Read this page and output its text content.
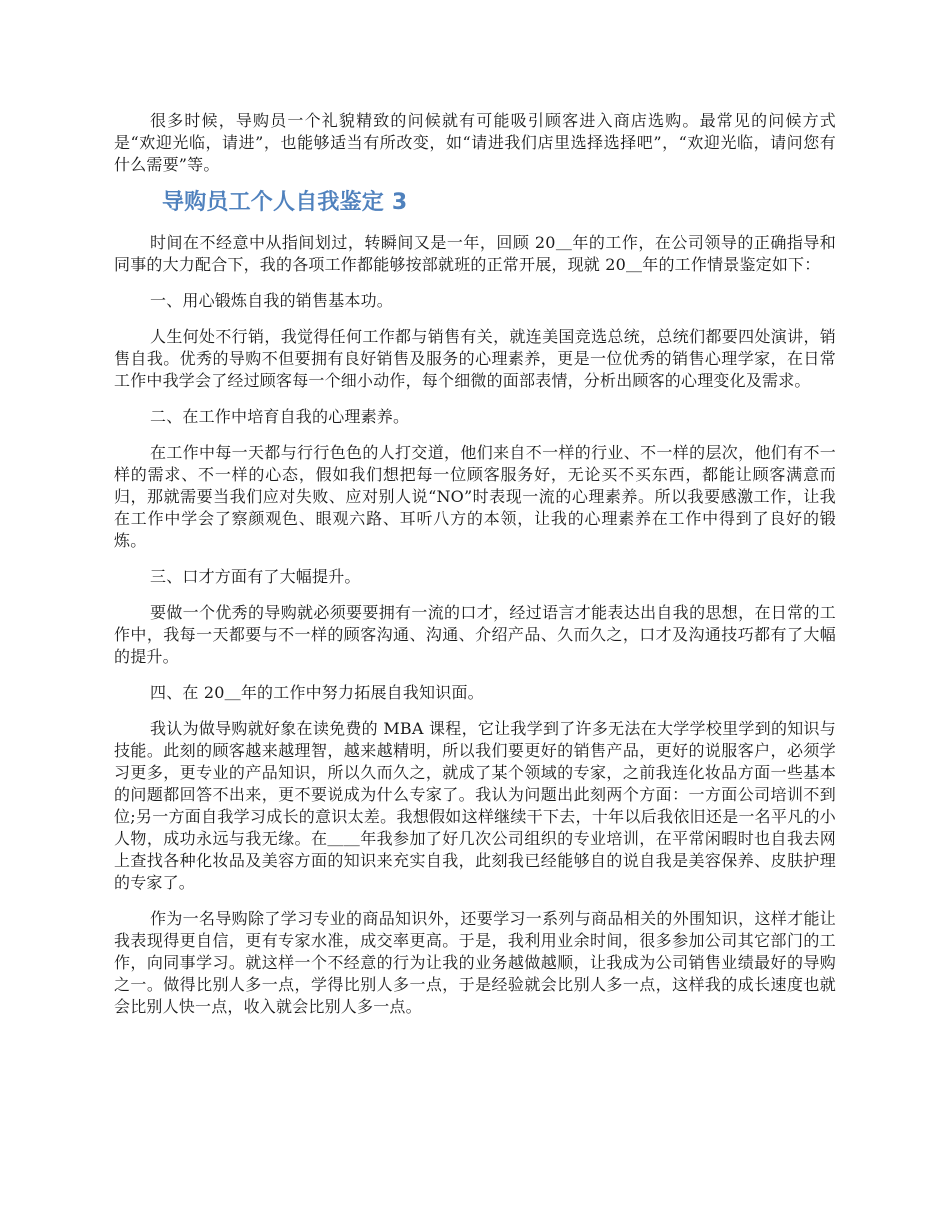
很多时候，导购员一个礼貌精致的问候就有可能吸引顾客进入商店选购。最常见的问候方式是“欢迎光临，请进”，也能够适当有所改变，如“请进我们店里选择选择吧”，“欢迎光临，请问您有什么需要”等。

导购员工个人自我鉴定 3

时间在不经意中从指间划过，转瞬间又是一年，回顾 20＿年的工作，在公司领导的正确指导和同事的大力配合下，我的各项工作都能够按部就班的正常开展，现就 20＿年的工作情景鉴定如下：

一、用心锻炼自我的销售基本功。

人生何处不行销，我觉得任何工作都与销售有关，就连美国竞选总统，总统们都要四处演讲，销售自我。优秀的导购不但要拥有良好销售及服务的心理素养，更是一位优秀的销售心理学家，在日常工作中我学会了经过顾客每一个细小动作，每个细微的面部表情，分析出顾客的心理变化及需求。

二、在工作中培育自我的心理素养。

在工作中每一天都与行行色色的人打交道，他们来自不一样的行业、不一样的层次，他们有不一样的需求、不一样的心态，假如我们想把每一位顾客服务好，无论买不买东西，都能让顾客满意而归，那就需要当我们应对失败、应对别人说“NO”时表现一流的心理素养。所以我要感激工作，让我在工作中学会了察颜观色、眼观六路、耳听八方的本领，让我的心理素养在工作中得到了良好的锻炼。

三、口才方面有了大幅提升。

要做一个优秀的导购就必须要要拥有一流的口才，经过语言才能表达出自我的思想，在日常的工作中，我每一天都要与不一样的顾客沟通、沟通、介绍产品、久而久之，口才及沟通技巧都有了大幅的提升。

四、在 20＿年的工作中努力拓展自我知识面。

我认为做导购就好象在读免费的 MBA 课程，它让我学到了许多无法在大学学校里学到的知识与技能。此刻的顾客越来越理智，越来越精明，所以我们要更好的销售产品，更好的说服客户，必须学习更多，更专业的产品知识，所以久而久之，就成了某个领域的专家，之前我连化妆品方面一些基本的问题都回答不出来，更不要说成为什么专家了。我认为问题出此刻两个方面：一方面公司培训不到位;另一方面自我学习成长的意识太差。我想假如这样继续干下去，十年以后我依旧还是一名平凡的小人物，成功永远与我无缘。在＿＿年我参加了好几次公司组织的专业培训，在平常闲暇时也自我去网上查找各种化妆品及美容方面的知识来充实自我，此刻我已经能够自的说自我是美容保养、皮肤护理的专家了。

作为一名导购除了学习专业的商品知识外，还要学习一系列与商品相关的外围知识，这样才能让我表现得更自信，更有专家水准，成交率更高。于是，我利用业余时间，很多参加公司其它部门的工作，向同事学习。就这样一个不经意的行为让我的业务越做越顺，让我成为公司销售业绩最好的导购之一。做得比别人多一点，学得比别人多一点，于是经验就会比别人多一点，这样我的成长速度也就会比别人快一点，收入就会比别人多一点。
